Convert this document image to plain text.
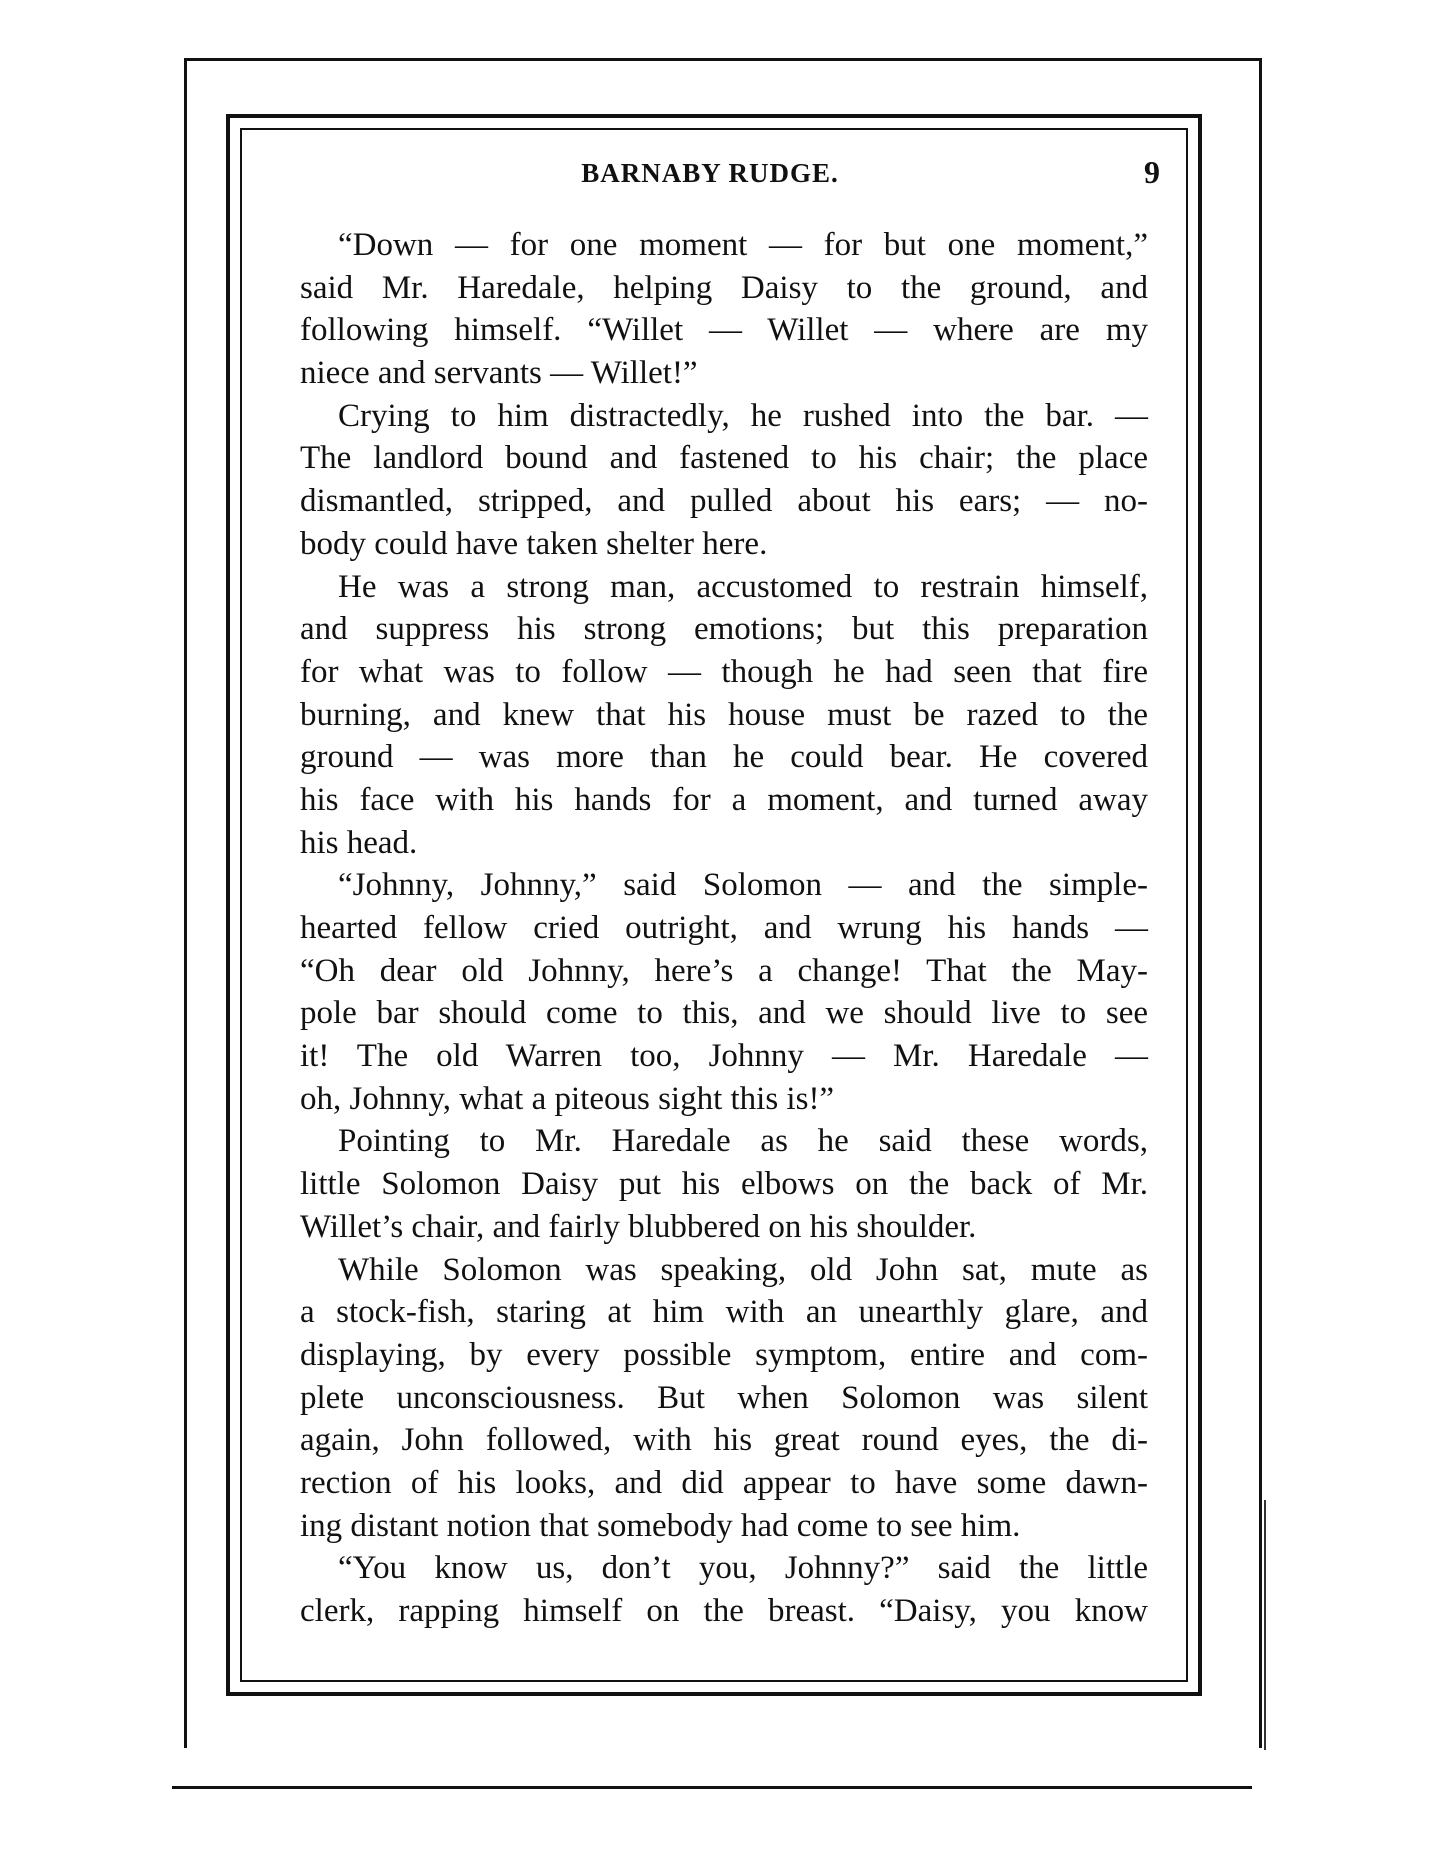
BARNABY RUDGE.	9
“Down — for one moment — for but one moment,”
said Mr. Haredale, helping Daisy to the ground, and
following himself. “Willet — Willet — where are my
niece and servants — Willet!”
Crying to him distractedly, he rushed into the bar. —
The landlord bound and fastened to his chair; the place
dismantled, stripped, and pulled about his ears; — no-
body could have taken shelter here.
He was a strong man, accustomed to restrain himself,
and suppress his strong emotions; but this preparation
for what was to follow — though he had seen that fire
burning, and knew that his house must be razed to the
ground — was more than he could bear. He covered
his face with his hands for a moment, and turned away
his head.
“Johnny, Johnny,” said Solomon — and the simple-
hearted fellow cried outright, and wrung his hands —
“Oh dear old Johnny, here’s a change! That the May-
pole bar should come to this, and we should live to see
it! The old Warren too, Johnny — Mr. Haredale —
oh, Johnny, what a piteous sight this is!”
Pointing to Mr. Haredale as he said these words,
little Solomon Daisy put his elbows on the back of Mr.
Willet’s chair, and fairly blubbered on his shoulder.
While Solomon was speaking, old John sat, mute as
a stock-fish, staring at him with an unearthly glare, and
displaying, by every possible symptom, entire and com-
plete unconsciousness. But when Solomon was silent
again, John followed, with his great round eyes, the di-
rection of his looks, and did appear to have some dawn-
ing distant notion that somebody had come to see him.
“You know us, don’t you, Johnny?” said the little
clerk, rapping himself on the breast. “Daisy, you know
